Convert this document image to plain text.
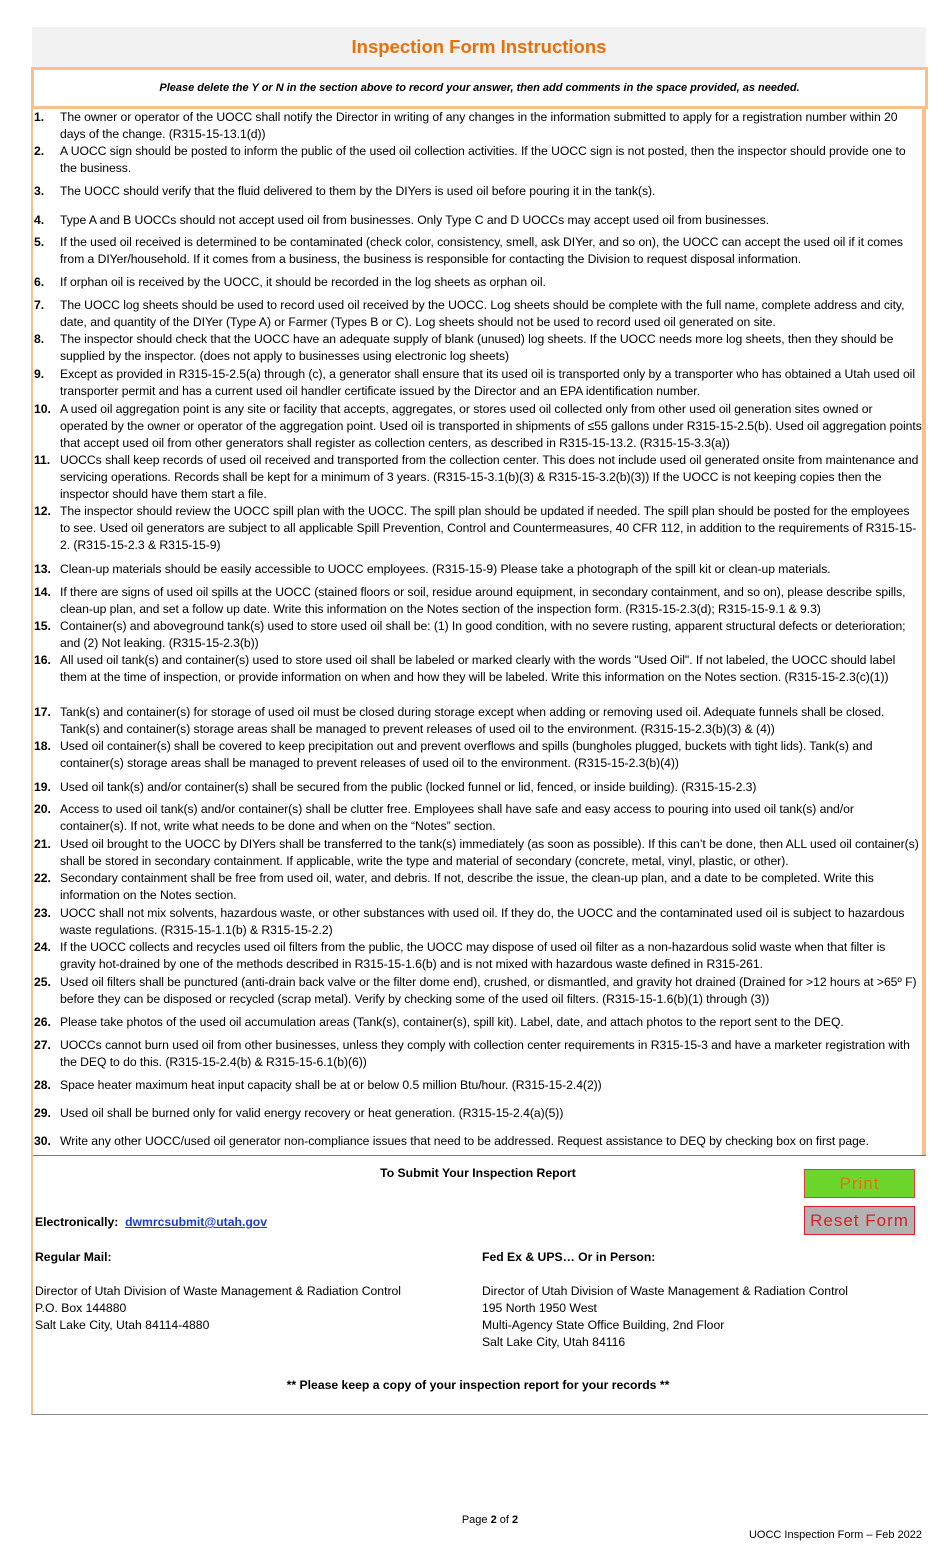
Inspection Form Instructions
Please delete the Y or N in the section above to record your answer, then add comments in the space provided, as needed.
1. The owner or operator of the UOCC shall notify the Director in writing of any changes in the information submitted to apply for a registration number within 20 days of the change. (R315-15-13.1(d))
2. A UOCC sign should be posted to inform the public of the used oil collection activities. If the UOCC sign is not posted, then the inspector should provide one to the business.
3. The UOCC should verify that the fluid delivered to them by the DIYers is used oil before pouring it in the tank(s).
4. Type A and B UOCCs should not accept used oil from businesses. Only Type C and D UOCCs may accept used oil from businesses.
5. If the used oil received is determined to be contaminated (check color, consistency, smell, ask DIYer, and so on), the UOCC can accept the used oil if it comes from a DIYer/household. If it comes from a business, the business is responsible for contacting the Division to request disposal information.
6. If orphan oil is received by the UOCC, it should be recorded in the log sheets as orphan oil.
7. The UOCC log sheets should be used to record used oil received by the UOCC. Log sheets should be complete with the full name, complete address and city, date, and quantity of the DIYer (Type A) or Farmer (Types B or C). Log sheets should not be used to record used oil generated on site.
8. The inspector should check that the UOCC have an adequate supply of blank (unused) log sheets. If the UOCC needs more log sheets, then they should be supplied by the inspector. (does not apply to businesses using electronic log sheets)
9. Except as provided in R315-15-2.5(a) through (c), a generator shall ensure that its used oil is transported only by a transporter who has obtained a Utah used oil transporter permit and has a current used oil handler certificate issued by the Director and an EPA identification number.
10. A used oil aggregation point is any site or facility that accepts, aggregates, or stores used oil collected only from other used oil generation sites owned or operated by the owner or operator of the aggregation point. Used oil is transported in shipments of ≤55 gallons under R315-15-2.5(b). Used oil aggregation points that accept used oil from other generators shall register as collection centers, as described in R315-15-13.2. (R315-15-3.3(a))
11. UOCCs shall keep records of used oil received and transported from the collection center. This does not include used oil generated onsite from maintenance and servicing operations. Records shall be kept for a minimum of 3 years. (R315-15-3.1(b)(3) & R315-15-3.2(b)(3)) If the UOCC is not keeping copies then the inspector should have them start a file.
12. The inspector should review the UOCC spill plan with the UOCC. The spill plan should be updated if needed. The spill plan should be posted for the employees to see. Used oil generators are subject to all applicable Spill Prevention, Control and Countermeasures, 40 CFR 112, in addition to the requirements of R315-15-2. (R315-15-2.3 & R315-15-9)
13. Clean-up materials should be easily accessible to UOCC employees. (R315-15-9) Please take a photograph of the spill kit or clean-up materials.
14. If there are signs of used oil spills at the UOCC (stained floors or soil, residue around equipment, in secondary containment, and so on), please describe spills, clean-up plan, and set a follow up date. Write this information on the Notes section of the inspection form. (R315-15-2.3(d); R315-15-9.1 & 9.3)
15. Container(s) and aboveground tank(s) used to store used oil shall be: (1) In good condition, with no severe rusting, apparent structural defects or deterioration; and (2) Not leaking. (R315-15-2.3(b))
16. All used oil tank(s) and container(s) used to store used oil shall be labeled or marked clearly with the words "Used Oil". If not labeled, the UOCC should label them at the time of inspection, or provide information on when and how they will be labeled. Write this information on the Notes section. (R315-15-2.3(c)(1))
17. Tank(s) and container(s) for storage of used oil must be closed during storage except when adding or removing used oil. Adequate funnels shall be closed. Tank(s) and container(s) storage areas shall be managed to prevent releases of used oil to the environment. (R315-15-2.3(b)(3) & (4))
18. Used oil container(s) shall be covered to keep precipitation out and prevent overflows and spills (bungholes plugged, buckets with tight lids). Tank(s) and container(s) storage areas shall be managed to prevent releases of used oil to the environment. (R315-15-2.3(b)(4))
19. Used oil tank(s) and/or container(s) shall be secured from the public (locked funnel or lid, fenced, or inside building). (R315-15-2.3)
20. Access to used oil tank(s) and/or container(s) shall be clutter free. Employees shall have safe and easy access to pouring into used oil tank(s) and/or container(s). If not, write what needs to be done and when on the “Notes” section.
21. Used oil brought to the UOCC by DIYers shall be transferred to the tank(s) immediately (as soon as possible). If this can’t be done, then ALL used oil container(s) shall be stored in secondary containment. If applicable, write the type and material of secondary (concrete, metal, vinyl, plastic, or other).
22. Secondary containment shall be free from used oil, water, and debris. If not, describe the issue, the clean-up plan, and a date to be completed. Write this information on the Notes section.
23. UOCC shall not mix solvents, hazardous waste, or other substances with used oil. If they do, the UOCC and the contaminated used oil is subject to hazardous waste regulations. (R315-15-1.1(b) & R315-15-2.2)
24. If the UOCC collects and recycles used oil filters from the public, the UOCC may dispose of used oil filter as a non-hazardous solid waste when that filter is gravity hot-drained by one of the methods described in R315-15-1.6(b) and is not mixed with hazardous waste defined in R315-261.
25. Used oil filters shall be punctured (anti-drain back valve or the filter dome end), crushed, or dismantled, and gravity hot drained (Drained for >12 hours at >65º F) before they can be disposed or recycled (scrap metal). Verify by checking some of the used oil filters. (R315-15-1.6(b)(1) through (3))
26. Please take photos of the used oil accumulation areas (Tank(s), container(s), spill kit). Label, date, and attach photos to the report sent to the DEQ.
27. UOCCs cannot burn used oil from other businesses, unless they comply with collection center requirements in R315-15-3 and have a marketer registration with the DEQ to do this. (R315-15-2.4(b) & R315-15-6.1(b)(6))
28. Space heater maximum heat input capacity shall be at or below 0.5 million Btu/hour. (R315-15-2.4(2))
29. Used oil shall be burned only for valid energy recovery or heat generation. (R315-15-2.4(a)(5))
30. Write any other UOCC/used oil generator non-compliance issues that need to be addressed. Request assistance to DEQ by checking box on first page.
To Submit Your Inspection Report
Print
Reset Form
Electronically: dwmrcsubmit@utah.gov
Regular Mail:
Director of Utah Division of Waste Management & Radiation Control
P.O. Box 144880
Salt Lake City, Utah 84114-4880
Fed Ex & UPS… Or in Person:
Director of Utah Division of Waste Management & Radiation Control
195 North 1950 West
Multi-Agency State Office Building, 2nd Floor
Salt Lake City, Utah 84116
** Please keep a copy of your inspection report for your records **
Page 2 of 2
UOCC Inspection Form – Feb 2022
